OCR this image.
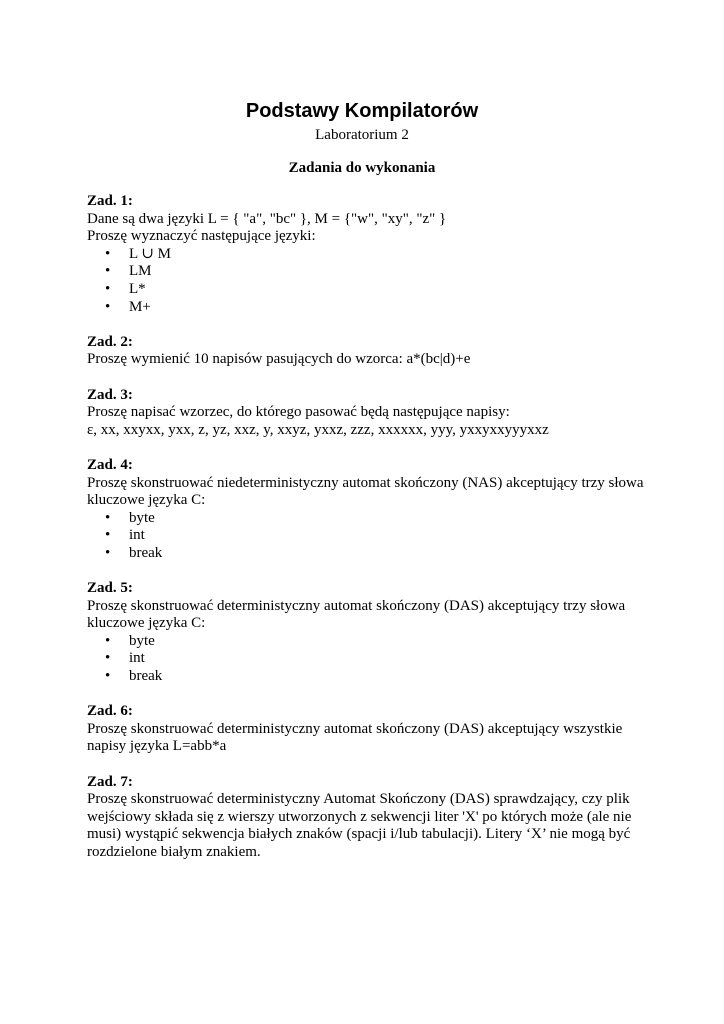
Podstawy Kompilatorów
Laboratorium 2
Zadania do wykonania
Zad. 1:
Dane są dwa języki L = { "a", "bc" }, M = {"w", "xy", "z" }
Proszę wyznaczyć następujące języki:
• L ∪ M
• LM
• L*
• M+
Zad. 2:
Proszę wymienić 10 napisów pasujących do wzorca: a*(bc|d)+e
Zad. 3:
Proszę napisać wzorzec, do którego pasować będą następujące napisy:
ε, xx, xxyxx, yxx, z, yz, xxz, y, xxyz, yxxz, zzz, xxxxxx, yyy, yxxyxxyyyxxz
Zad. 4:
Proszę skonstruować niedeterministyczny automat skończony (NAS) akceptujący trzy słowa
kluczowe języka C:
• byte
• int
• break
Zad. 5:
Proszę skonstruować deterministyczny automat skończony (DAS) akceptujący trzy słowa
kluczowe języka C:
• byte
• int
• break
Zad. 6:
Proszę skonstruować deterministyczny automat skończony (DAS) akceptujący wszystkie
napisy języka L=abb*a
Zad. 7:
Proszę skonstruować deterministyczny Automat Skończony (DAS) sprawdzający, czy plik
wejściowy składa się z wierszy utworzonych z sekwencji liter 'X' po których może (ale nie
musi) wystąpić sekwencja białych znaków (spacji i/lub tabulacji). Litery ‘X’ nie mogą być
rozdzielone białym znakiem.
